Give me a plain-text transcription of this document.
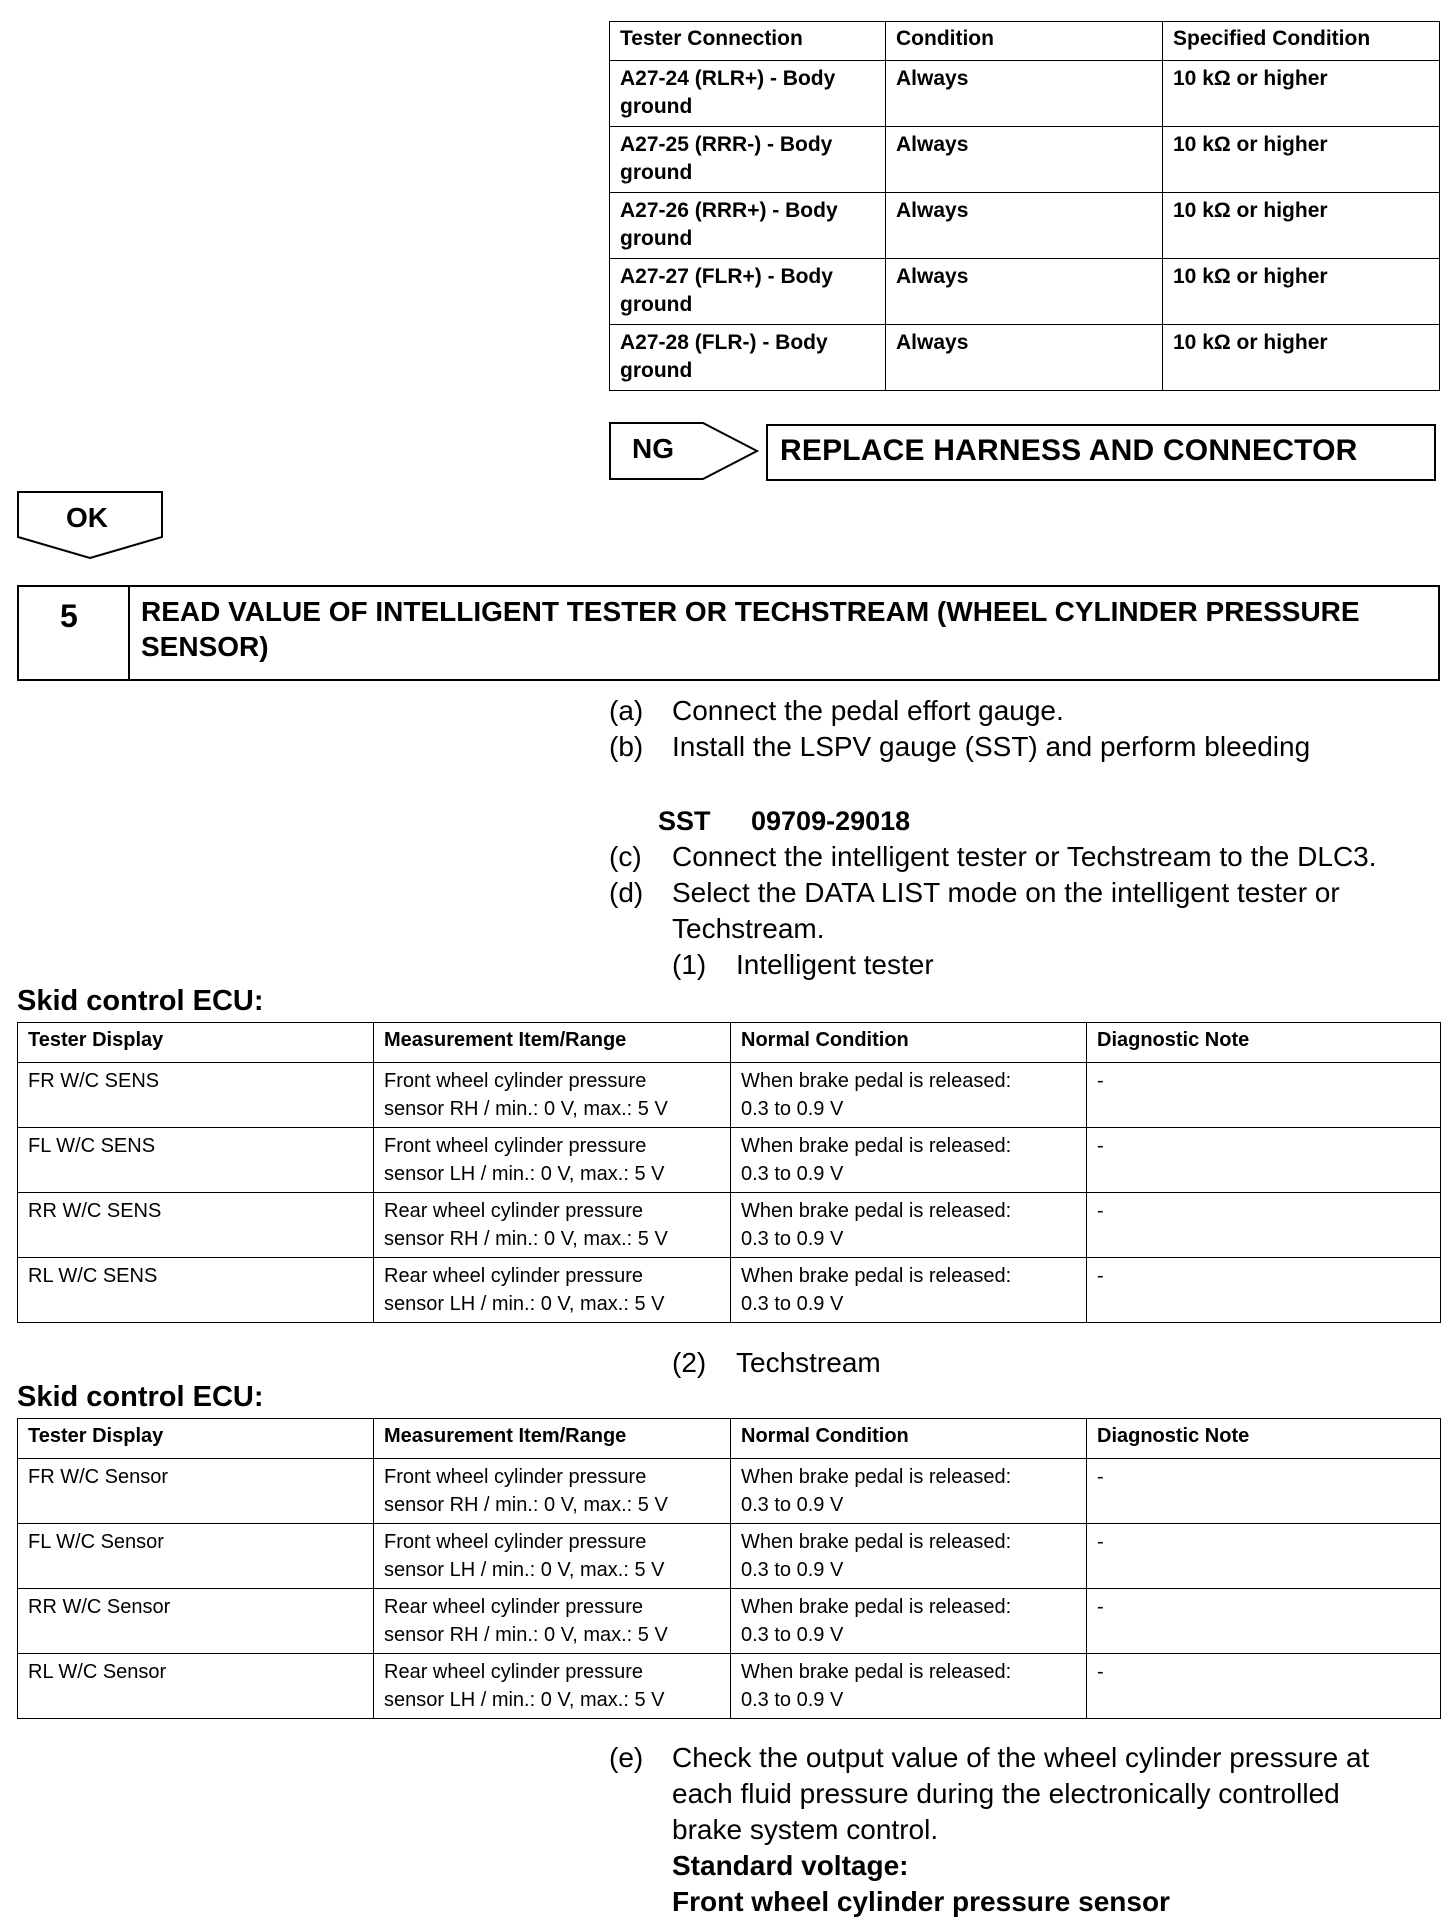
Tester Connection	Condition	Specified Condition
A27-24 (RLR+) - Body
ground	Always	10 kΩ or higher
A27-25 (RRR-) - Body
ground	Always	10 kΩ or higher
A27-26 (RRR+) - Body
ground	Always	10 kΩ or higher
A27-27 (FLR+) - Body
ground	Always	10 kΩ or higher
A27-28 (FLR-) - Body
ground	Always	10 kΩ or higher
NG	REPLACE HARNESS AND CONNECTOR
OK
5 READ VALUE OF INTELLIGENT TESTER OR TECHSTREAM (WHEEL CYLINDER PRESSURE SENSOR)
(a) Connect the pedal effort gauge.
(b) Install the LSPV gauge (SST) and perform bleeding
SST 09709-29018
(c) Connect the intelligent tester or Techstream to the DLC3.
(d) Select the DATA LIST mode on the intelligent tester or
Techstream.
(1) Intelligent tester
Skid control ECU:
Tester Display	Measurement Item/Range	Normal Condition	Diagnostic Note
FR W/C SENS	Front wheel cylinder pressure
sensor RH / min.: 0 V, max.: 5 V	When brake pedal is released:
0.3 to 0.9 V	-
FL W/C SENS	Front wheel cylinder pressure
sensor LH / min.: 0 V, max.: 5 V	When brake pedal is released:
0.3 to 0.9 V	-
RR W/C SENS	Rear wheel cylinder pressure
sensor RH / min.: 0 V, max.: 5 V	When brake pedal is released:
0.3 to 0.9 V	-
RL W/C SENS	Rear wheel cylinder pressure
sensor LH / min.: 0 V, max.: 5 V	When brake pedal is released:
0.3 to 0.9 V	-
(2) Techstream
Skid control ECU:
Tester Display	Measurement Item/Range	Normal Condition	Diagnostic Note
FR W/C Sensor	Front wheel cylinder pressure
sensor RH / min.: 0 V, max.: 5 V	When brake pedal is released:
0.3 to 0.9 V	-
FL W/C Sensor	Front wheel cylinder pressure
sensor LH / min.: 0 V, max.: 5 V	When brake pedal is released:
0.3 to 0.9 V	-
RR W/C Sensor	Rear wheel cylinder pressure
sensor RH / min.: 0 V, max.: 5 V	When brake pedal is released:
0.3 to 0.9 V	-
RL W/C Sensor	Rear wheel cylinder pressure
sensor LH / min.: 0 V, max.: 5 V	When brake pedal is released:
0.3 to 0.9 V	-
(e) Check the output value of the wheel cylinder pressure at
each fluid pressure during the electronically controlled
brake system control.
Standard voltage:
Front wheel cylinder pressure sensor
